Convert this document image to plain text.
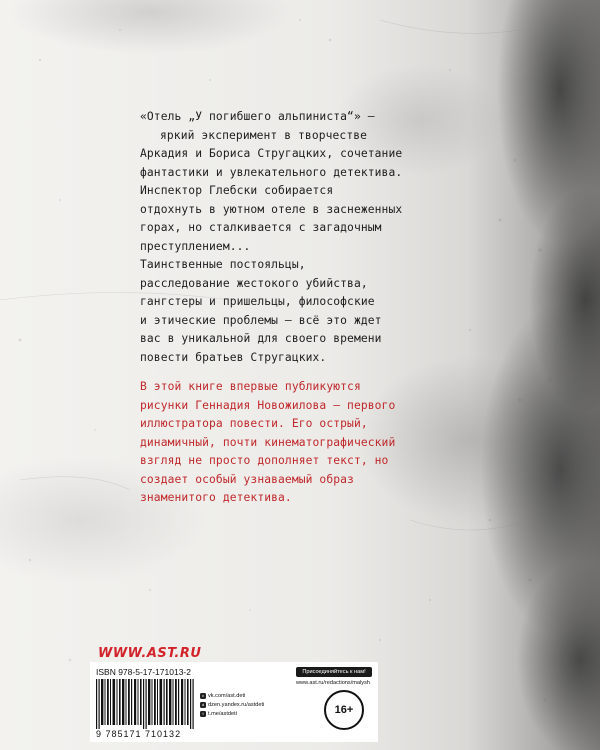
«Отель „У погибшего альпиниста“» –
яркий эксперимент в творчестве
Аркадия и Бориса Стругацких, сочетание
фантастики и увлекательного детектива.
Инспектор Глебски собирается
отдохнуть в уютном отеле в заснеженных
горах, но сталкивается с загадочным
преступлением...
Таинственные постояльцы,
расследование жестокого убийства,
гангстеры и пришельцы, философские
и этические проблемы – всё это ждет
вас в уникальной для своего времени
повести братьев Стругацких.

В этой книге впервые публикуются
рисунки Геннадия Новожилова – первого
иллюстратора повести. Его острый,
динамичный, почти кинематографический
взгляд не просто дополняет текст, но
создает особый узнаваемый образ
знаменитого детектива.

WWW.AST.RU
ISBN 978-5-17-171013-2
9 785171 710132
Присоединяйтесь к нам!
www.ast.ru/redactions/malysh
v vk.com/ast.deti
d dzen.yandex.ru/astdeti
t t.me/astdeti	16+
